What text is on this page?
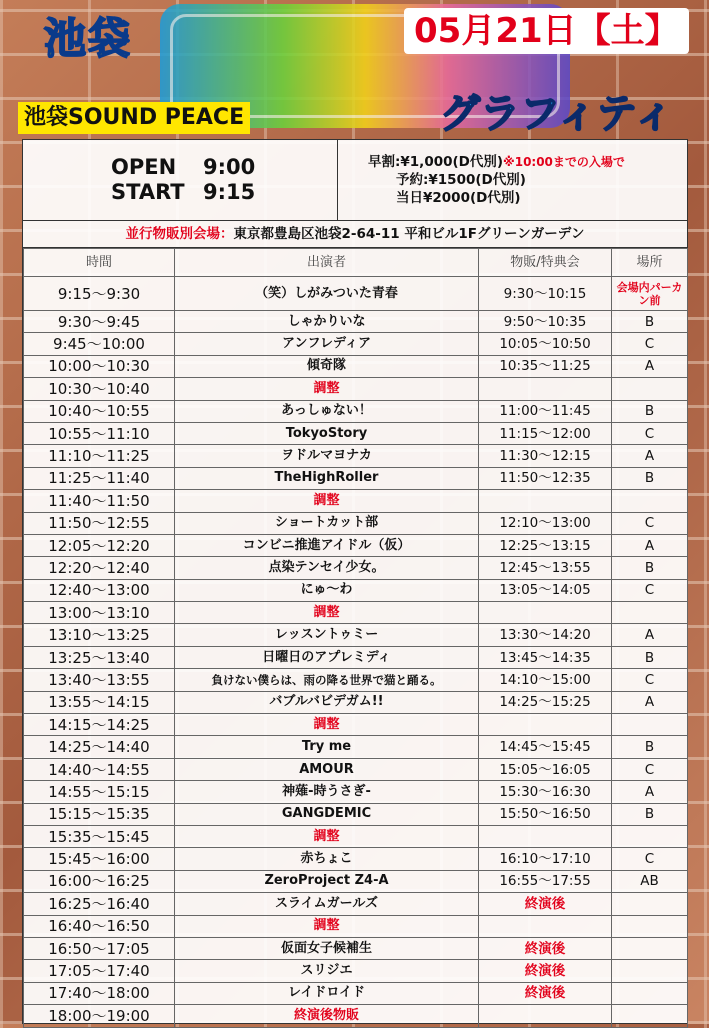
池袋	05月21日【土】
グラフィティ
池袋SOUND PEACE
OPEN	9:00
START 9:15
早割:¥1,000(D代別)※10:00までの入場で
予約:¥1500(D代別)
当日¥2000(D代別)
並行物販別会場：東京都豊島区池袋2-64-11 平和ビル1Fグリーンガーデン
時間	出演者	物販/特典会	場所
9:15～9:30	（笑）しがみついた青春	9:30～10:15	会場内パーカン前
9:30～9:45	しゃかりいな	9:50～10:35	B
9:45～10:00	アンフレディア	10:05～10:50	C
10:00～10:30	傾奇隊	10:35～11:25	A
10:30～10:40	調整		
10:40～10:55	あっしゅない！	11:00～11:45	B
10:55～11:10	TokyoStory	11:15～12:00	C
11:10～11:25	ヲドルマヨナカ	11:30～12:15	A
11:25～11:40	TheHighRoller	11:50～12:35	B
11:40～11:50	調整		
11:50～12:55	ショートカット部	12:10～13:00	C
12:05～12:20	コンビニ推進アイドル（仮）	12:25～13:15	A
12:20～12:40	点染テンセイ少女。	12:45～13:55	B
12:40～13:00	にゅ～わ	13:05～14:05	C
13:00～13:10	調整		
13:10～13:25	レッスントゥミー	13:30～14:20	A
13:25～13:40	日曜日のアプレミディ	13:45～14:35	B
13:40～13:55	負けない僕らは、雨の降る世界で猫と踊る。	14:10～15:00	C
13:55～14:15	バブルバビデガム!!	14:25～15:25	A
14:15～14:25	調整		
14:25～14:40	Try me	14:45～15:45	B
14:40～14:55	AMOUR	15:05～16:05	C
14:55～15:15	神薙-時うさぎ-	15:30～16:30	A
15:15～15:35	GANGDEMIC	15:50～16:50	B
15:35～15:45	調整		
15:45～16:00	赤ちょこ	16:10～17:10	C
16:00～16:25	ZeroProject Z4-A	16:55～17:55	AB
16:25～16:40	スライムガールズ	終演後	
16:40～16:50	調整		
16:50～17:05	仮面女子候補生	終演後	
17:05～17:40	スリジエ	終演後	
17:40～18:00	レイドロイド	終演後	
18:00～19:00	終演後物販		
